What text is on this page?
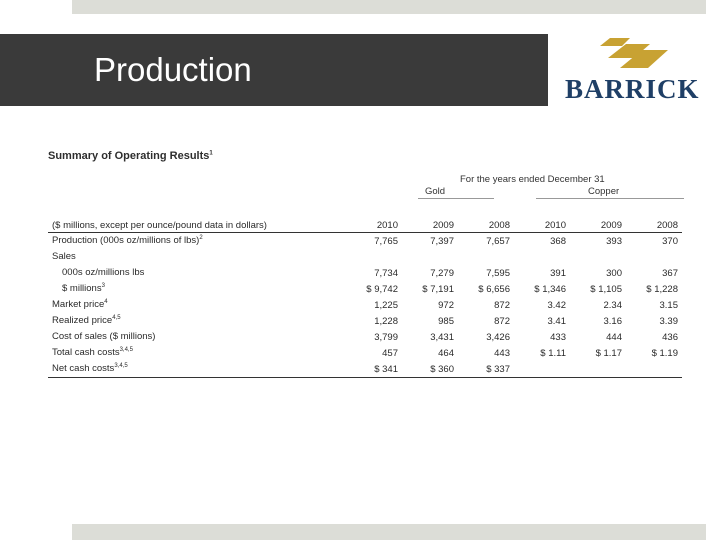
Production
BARRICK
Summary of Operating Results$^1$
For the years ended December 31
Gold	Copper
($ millions, except per ounce/pound data in dollars)	2010	2009	2008	2010	2009	2008
Production (000s oz/millions of lbs)$^2$	7,765	7,397	7,657	368	393	370
Sales						
000s oz/millions lbs	7,734	7,279	7,595	391	300	367
$ millions$^3$	$ 9,742	$ 7,191	$ 6,656	$ 1,346	$ 1,105	$ 1,228
Market price$^4$	1,225	972	872	3.42	2.34	3.15
Realized price$^{4,5}$	1,228	985	872	3.41	3.16	3.39
Cost of sales ($ millions)	3,799	3,431	3,426	433	444	436
Total cash costs$^{3,4,5}$	457	464	443	$ 1.11	$ 1.17	$ 1.19
Net cash costs$^{3,4,5}$	$ 341	$ 360	$ 337			
